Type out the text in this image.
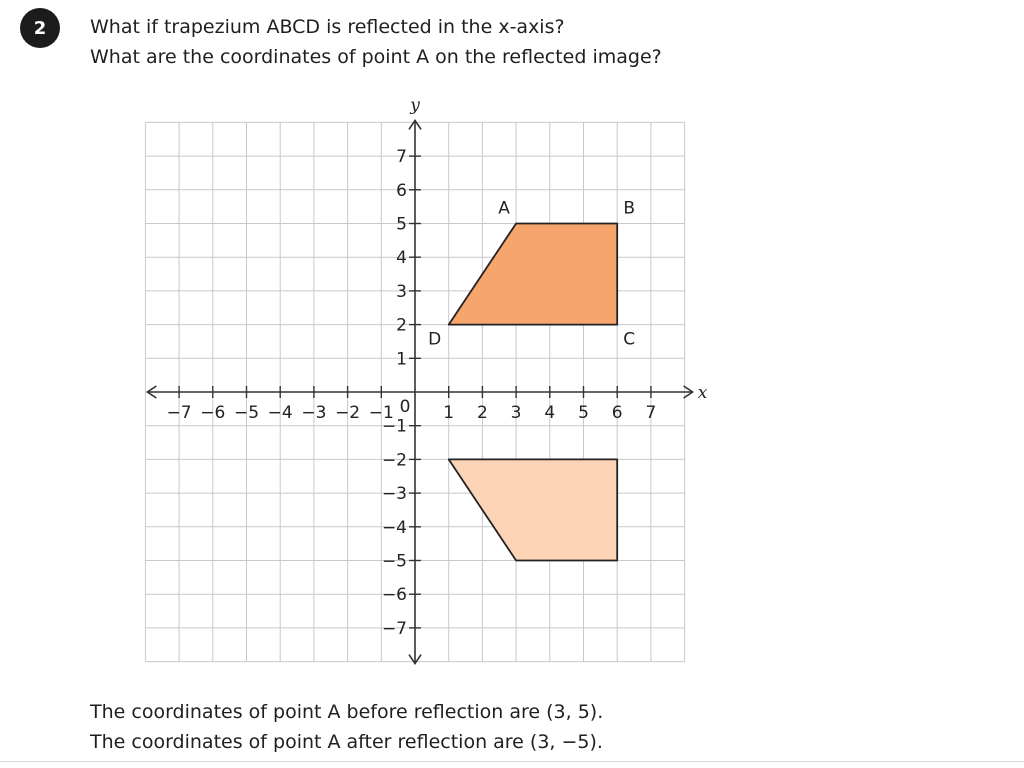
2	What if trapezium ABCD is reflected in the x-axis?
What are the coordinates of point A on the reflected image?
−7 −6 −5 −4 −3 −2 −1	1 2 3 4 5 6 7
7
6
5
4
3
2
1
−1
−2
−3
−4
−5
−6
−7
0
x
y
A	B
C
D
The coordinates of point A before reflection are (3, 5).
The coordinates of point A after reflection are (3, −5).
